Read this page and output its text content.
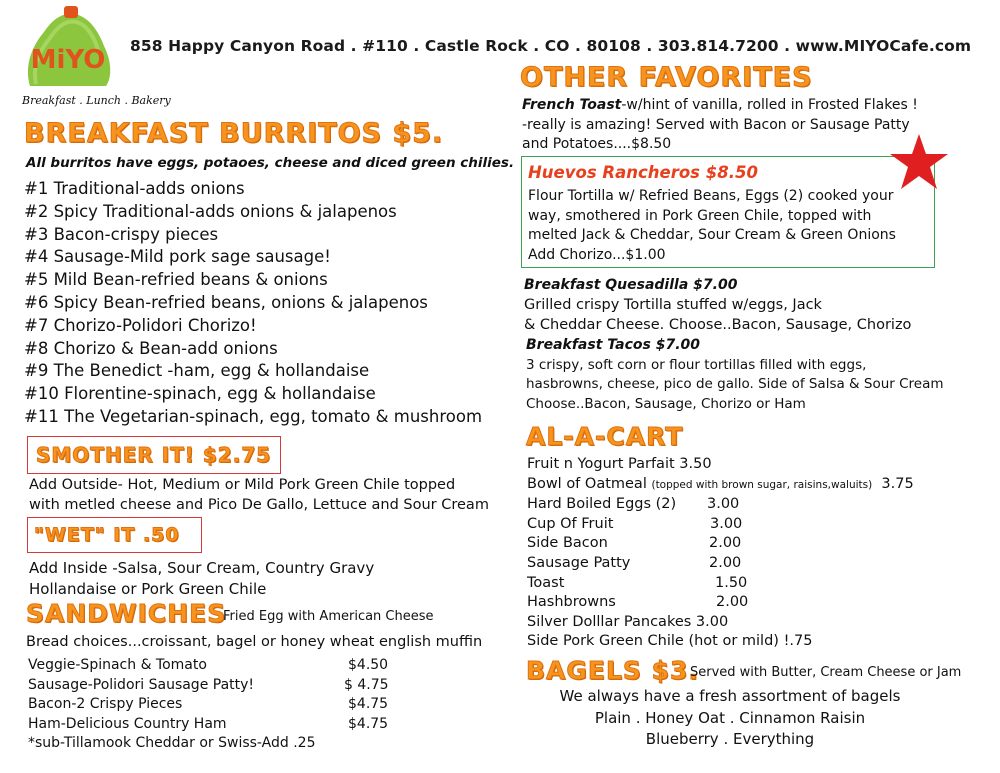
MiYO
Breakfast . Lunch . Bakery
858 Happy Canyon Road . #110 . Castle Rock . CO . 80108 . 303.814.7200 . www.MIYOCafe.com
BREAKFAST BURRITOS $5.
All burritos have eggs, potaoes, cheese and diced green chilies.
#1 Traditional-adds onions
#2 Spicy Traditional-adds onions & jalapenos
#3 Bacon-crispy pieces
#4 Sausage-Mild pork sage sausage!
#5 Mild Bean-refried beans & onions
#6 Spicy Bean-refried beans, onions & jalapenos
#7 Chorizo-Polidori Chorizo!
#8 Chorizo & Bean-add onions
#9 The Benedict -ham, egg & hollandaise
#10 Florentine-spinach, egg & hollandaise
#11 The Vegetarian-spinach, egg, tomato & mushroom
SMOTHER IT! $2.75
Add Outside- Hot, Medium or Mild Pork Green Chile topped
with metled cheese and Pico De Gallo, Lettuce and Sour Cream
"WET" IT .50
Add Inside -Salsa, Sour Cream, Country Gravy
Hollandaise or Pork Green Chile
SANDWICHES
Fried Egg with American Cheese
Bread choices...croissant, bagel or honey wheat english muffin
Veggie-Spinach & Tomato	$4.50
Sausage-Polidori Sausage Patty!	$ 4.75
Bacon-2 Crispy Pieces	$4.75
Ham-Delicious Country Ham	$4.75
*sub-Tillamook Cheddar or Swiss-Add .25
OTHER FAVORITES
French Toast-w/hint of vanilla, rolled in Frosted Flakes !
-really is amazing! Served with Bacon or Sausage Patty
and Potatoes....$8.50
Huevos Rancheros $8.50
Flour Tortilla w/ Refried Beans, Eggs (2) cooked your
way, smothered in Pork Green Chile, topped with
melted Jack & Cheddar, Sour Cream & Green Onions
Add Chorizo...$1.00
Breakfast Quesadilla $7.00
Grilled crispy Tortilla stuffed w/eggs, Jack
& Cheddar Cheese. Choose..Bacon, Sausage, Chorizo
Breakfast Tacos $7.00
3 crispy, soft corn or flour tortillas filled with eggs,
hasbrowns, cheese, pico de gallo. Side of Salsa & Sour Cream
Choose..Bacon, Sausage, Chorizo or Ham
AL-A-CART
Fruit n Yogurt Parfait 3.50
Bowl of Oatmeal (topped with brown sugar, raisins,waluits) 3.75
Hard Boiled Eggs (2)	3.00
Cup Of Fruit	3.00
Side Bacon	2.00
Sausage Patty	2.00
Toast	1.50
Hashbrowns	2.00
Silver Dolllar Pancakes 3.00
Side Pork Green Chile (hot or mild) !.75
BAGELS $3.
Served with Butter, Cream Cheese or Jam
We always have a fresh assortment of bagels
Plain . Honey Oat . Cinnamon Raisin
Blueberry . Everything
